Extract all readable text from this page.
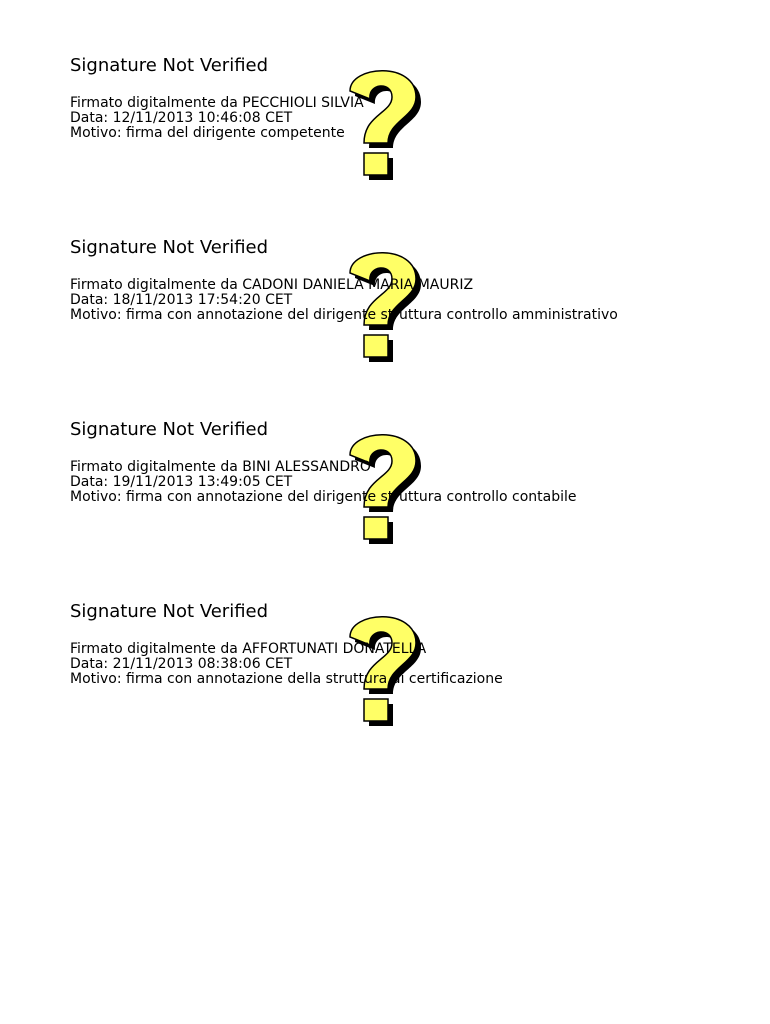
Signature Not Verified
Firmato digitalmente da PECCHIOLI SILVIA
Data: 12/11/2013 10:46:08 CET
Motivo: firma del dirigente competente
Signature Not Verified
Firmato digitalmente da CADONI DANIELA MARIA MAURIZ
Data: 18/11/2013 17:54:20 CET
Motivo: firma con annotazione del dirigente struttura controllo amministrativo
Signature Not Verified
Firmato digitalmente da BINI ALESSANDRO
Data: 19/11/2013 13:49:05 CET
Motivo: firma con annotazione del dirigente struttura controllo contabile
Signature Not Verified
Firmato digitalmente da AFFORTUNATI DONATELLA
Data: 21/11/2013 08:38:06 CET
Motivo: firma con annotazione della struttura di certificazione
